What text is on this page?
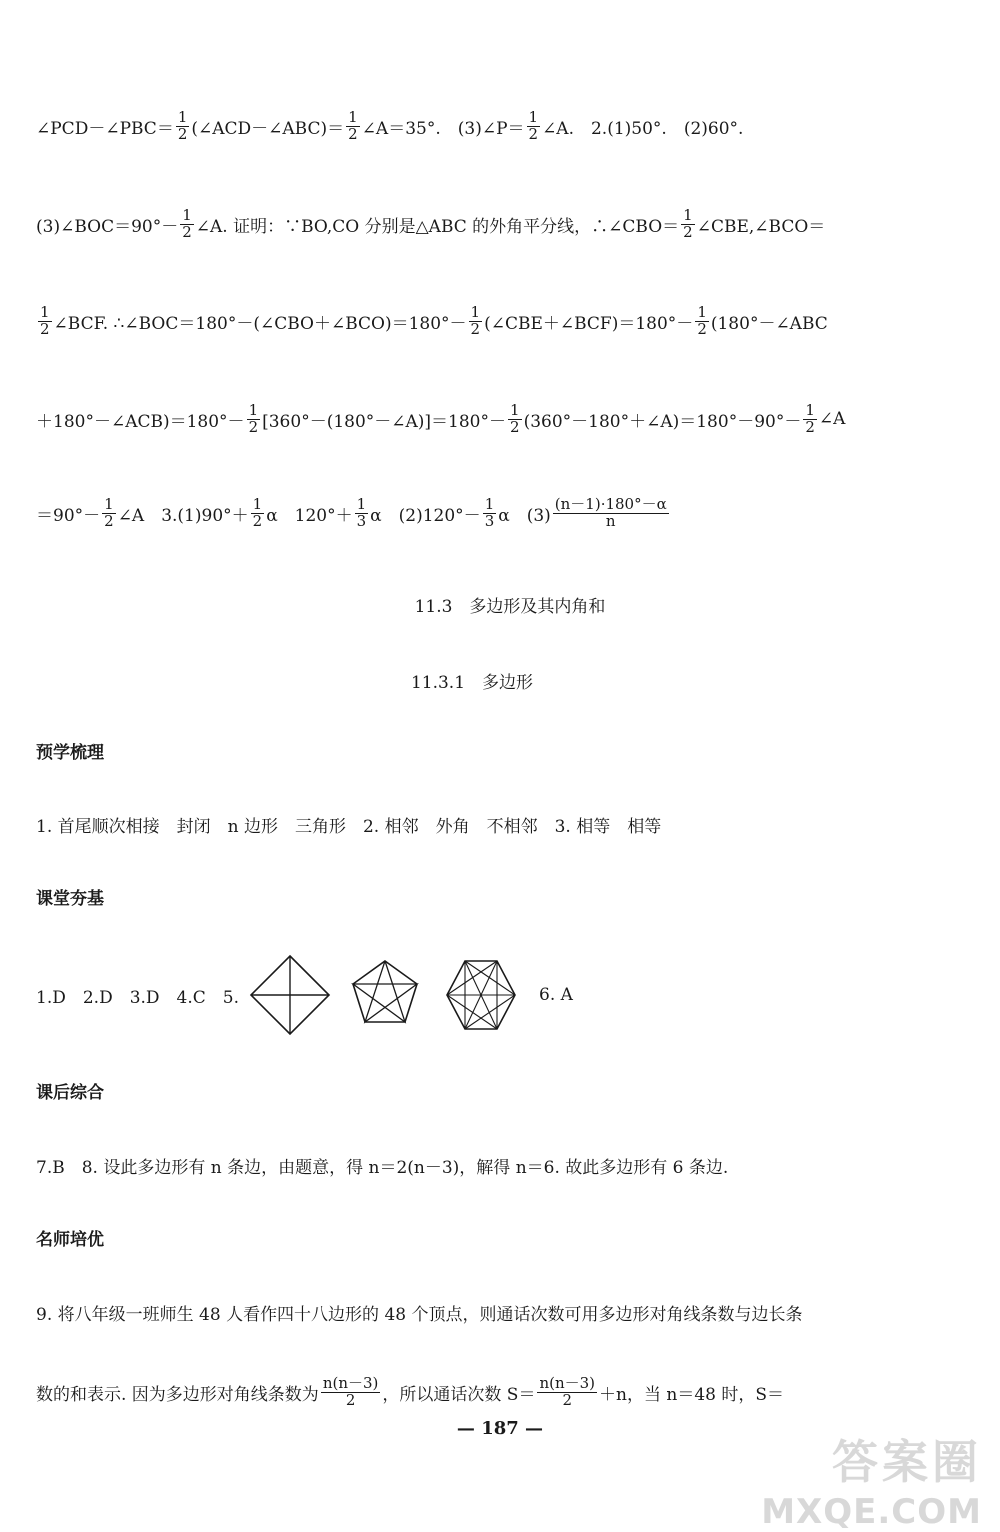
∠PCD－∠PBC＝ $\frac{1}{2}$ (∠ACD－∠ABC)＝ $\frac{1}{2}$ ∠A＝35°.　(3)∠P＝ $\frac{1}{2}$ ∠A.　2.(1)50°.　(2)60°.
(3)∠BOC＝90°－ $\frac{1}{2}$ ∠A. 证明：∵BO,CO 分别是△ABC 的外角平分线，∴∠CBO＝ $\frac{1}{2}$ ∠CBE,∠BCO＝
$\frac{1}{2}$ ∠BCF. ∴∠BOC＝180°－(∠CBO＋∠BCO)＝180°－ $\frac{1}{2}$ (∠CBE＋∠BCF)＝180°－ $\frac{1}{2}$ (180°－∠ABC
＋180°－∠ACB)＝180°－ $\frac{1}{2}$ [360°－(180°－∠A)]＝180°－ $\frac{1}{2}$ (360°－180°＋∠A)＝180°－90°－ $\frac{1}{2}$ ∠A
$=90^\circ- \frac{1}{2}$ ∠A　$3.(1)90^\circ+ \frac{1}{2}$ α　$120^\circ+ \frac{1}{3}$ α　$(2)120^\circ- \frac{1}{3}$ α　$(3) \frac{(n-1)\cdot 180^\circ-\alpha}{n}$
11.3　多边形及其内角和
11.3.1　多边形
预学梳理
1. 首尾顺次相接　封闭　n 边形　三角形　2. 相邻　外角　不相邻　3. 相等　相等
课堂夯基
1.D　2.D　3.D　4.C　5.	6. A
课后综合
7.B　8. 设此多边形有 n 条边，由题意，得 n＝2(n－3)，解得 n＝6. 故此多边形有 6 条边.
名师培优
9. 将八年级一班师生 48 人看作四十八边形的 48 个顶点，则通话次数可用多边形对角线条数与边长条
数的和表示. 因为多边形对角线条数为 $\frac{n(n-3)}{2}$ ，所以通话次数 $S= \frac{n(n-3)}{2} +n$，当 n＝48 时，S＝
— 187 —
答案圈
MXQE.COM
